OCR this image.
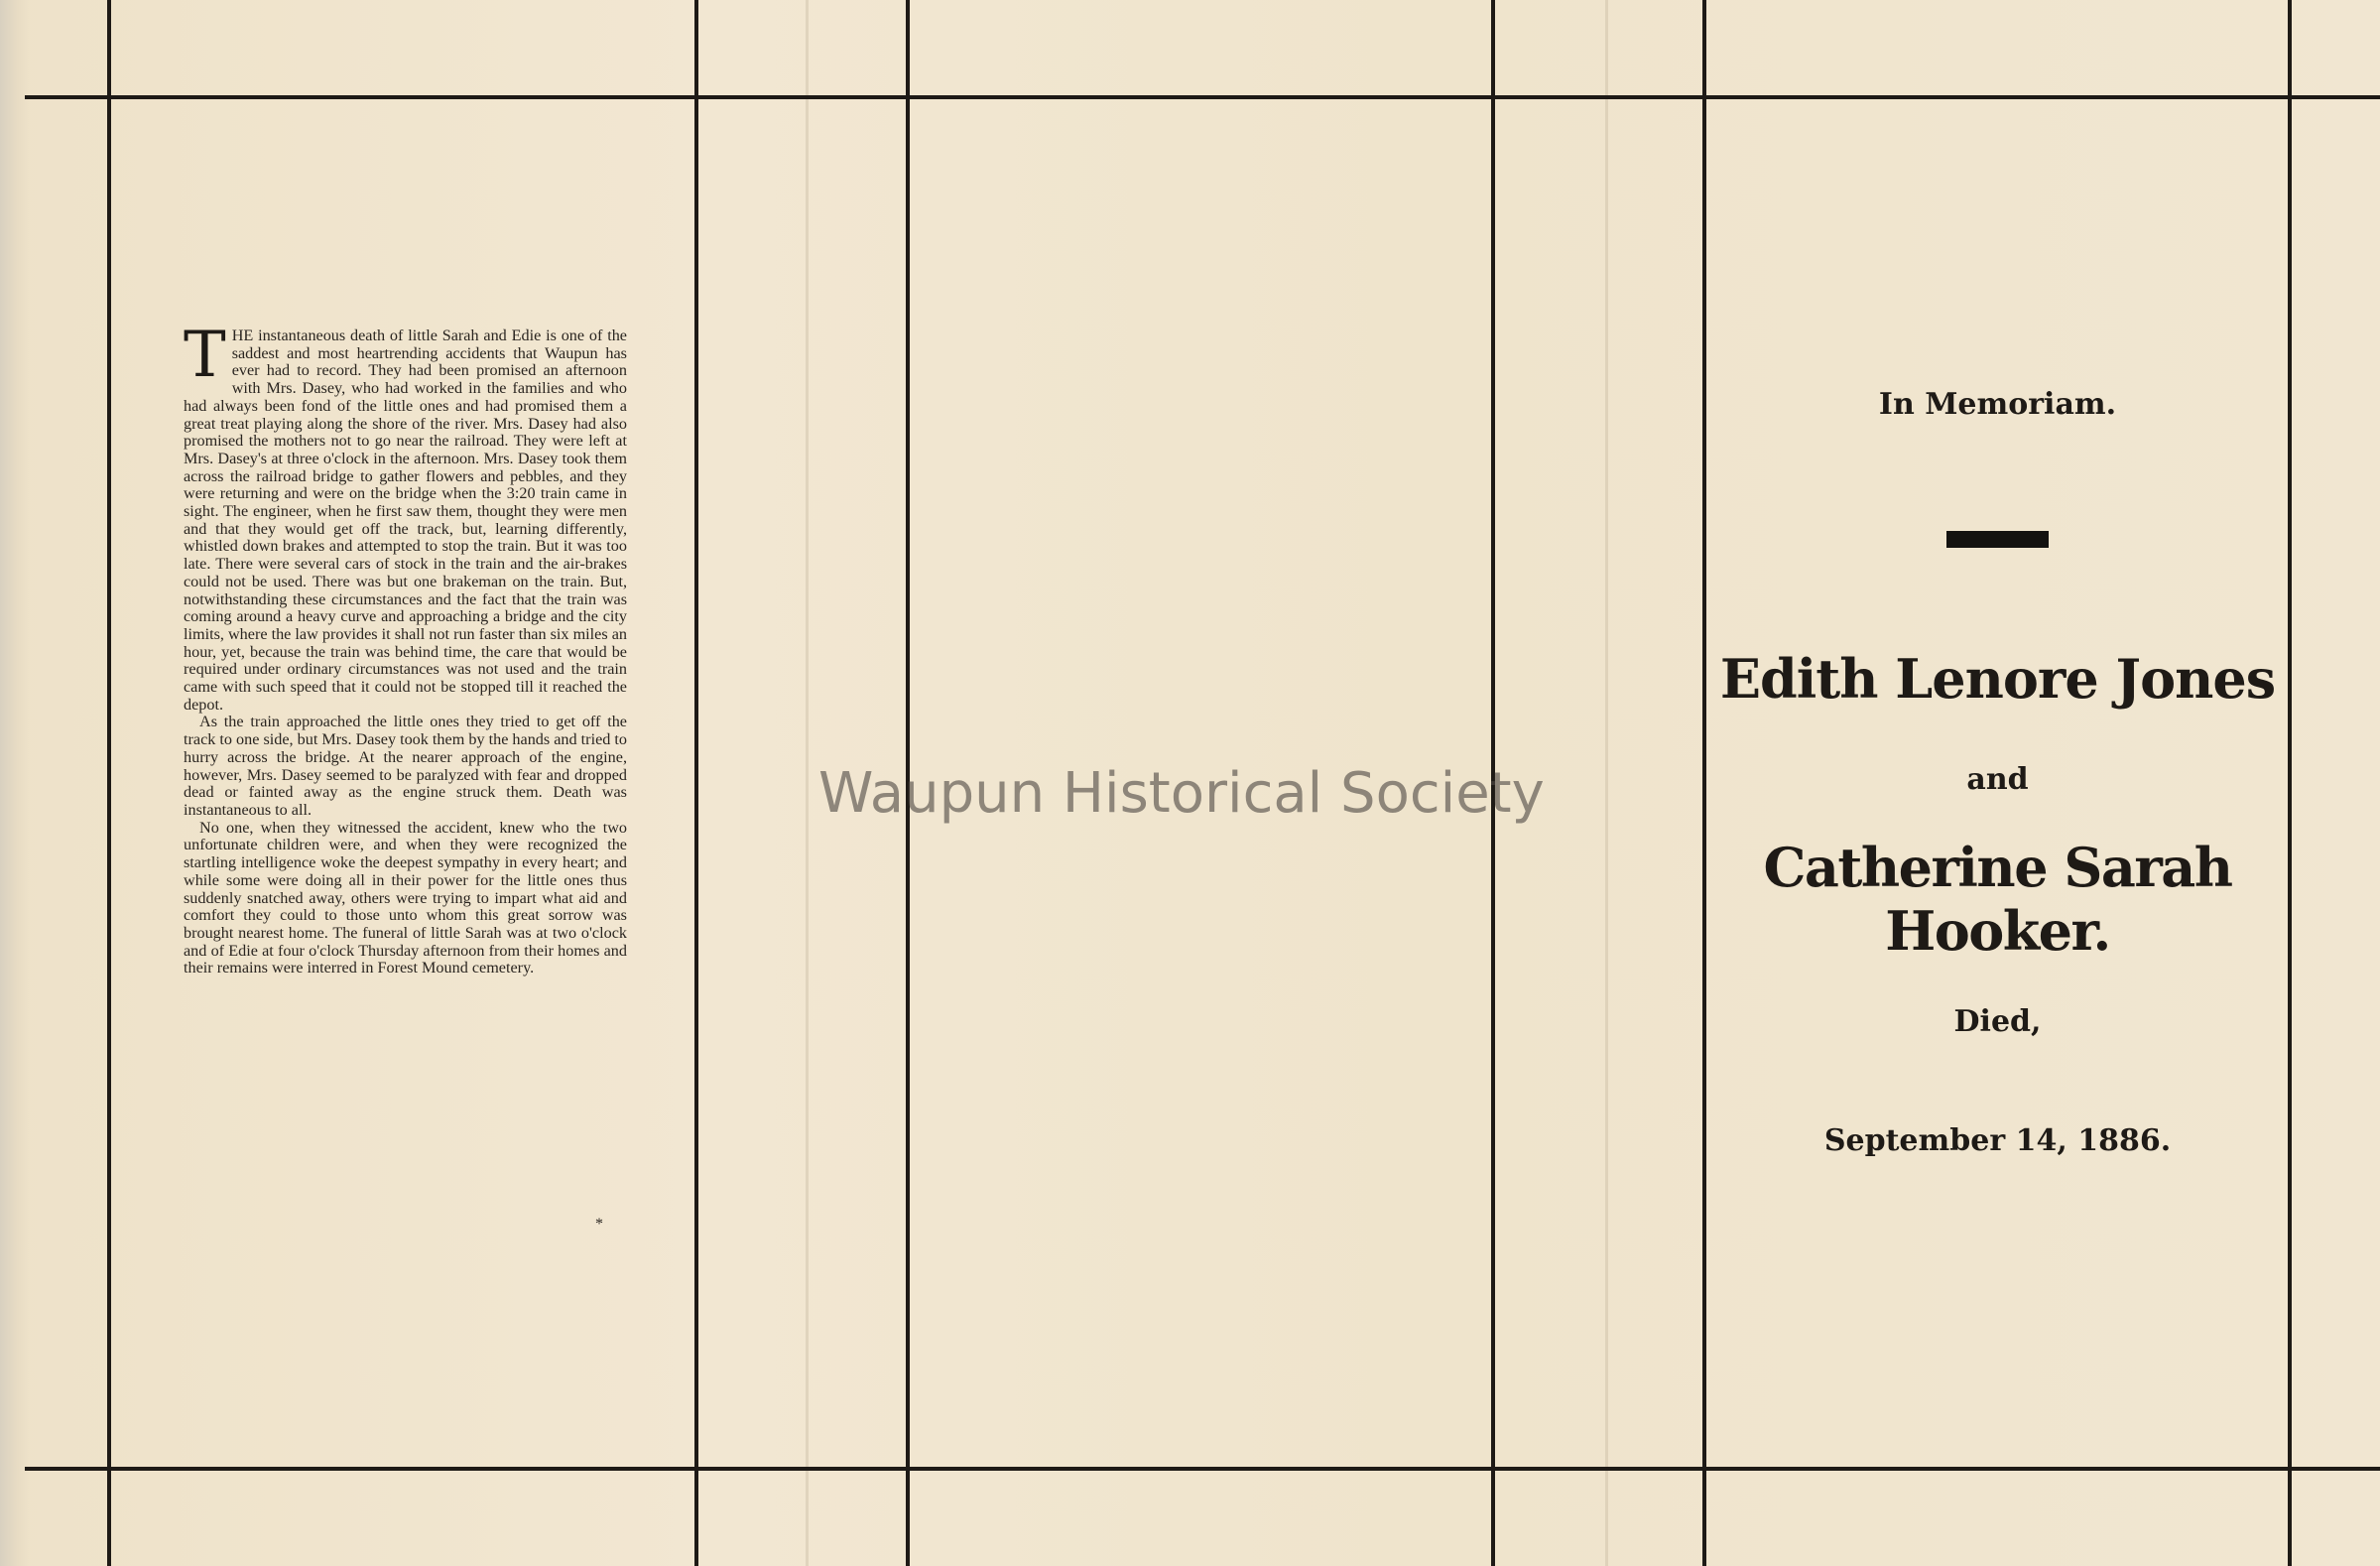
THE instantaneous death of little Sarah and Edie is one of the saddest and most heartrending accidents that Waupun has ever had to record. They had been promised an afternoon with Mrs. Dasey, who had worked in the families and who had always been fond of the little ones and had promised them a great treat playing along the shore of the river. Mrs. Dasey had also promised the mothers not to go near the railroad. They were left at Mrs. Dasey's at three o'clock in the afternoon. Mrs. Dasey took them across the railroad bridge to gather flowers and pebbles, and they were returning and were on the bridge when the 3:20 train came in sight. The engineer, when he first saw them, thought they were men and that they would get off the track, but, learning differently, whistled down brakes and attempted to stop the train. But it was too late. There were several cars of stock in the train and the air-brakes could not be used. There was but one brakeman on the train. But, notwithstanding these circumstances and the fact that the train was coming around a heavy curve and approaching a bridge and the city limits, where the law provides it shall not run faster than six miles an hour, yet, because the train was behind time, the care that would be required under ordinary circumstances was not used and the train came with such speed that it could not be stopped till it reached the depot.

As the train approached the little ones they tried to get off the track to one side, but Mrs. Dasey took them by the hands and tried to hurry across the bridge. At the nearer approach of the engine, however, Mrs. Dasey seemed to be paralyzed with fear and dropped dead or fainted away as the engine struck them. Death was instantaneous to all.

No one, when they witnessed the accident, knew who the two unfortunate children were, and when they were recognized the startling intelligence woke the deepest sympathy in every heart; and while some were doing all in their power for the little ones thus suddenly snatched away, others were trying to impart what aid and comfort they could to those unto whom this great sorrow was brought nearest home. The funeral of little Sarah was at two o'clock and of Edie at four o'clock Thursday afternoon from their homes and their remains were interred in Forest Mound cemetery.

*
In Memoriam.
Edith Lenore Jones
and
Catherine Sarah Hooker.
Died,
September 14, 1886.
Waupun Historical Society
